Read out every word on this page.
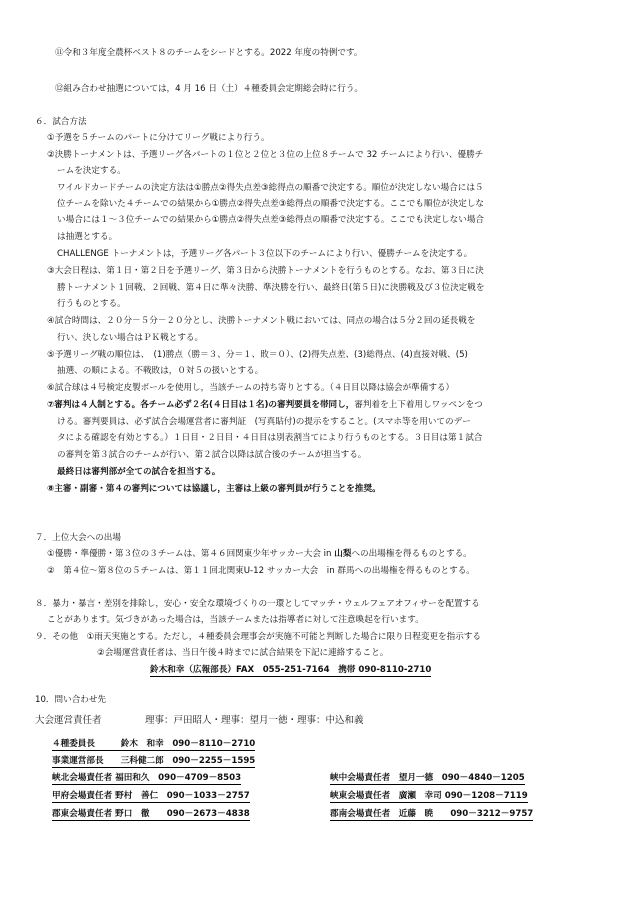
⑪令和３年度全農杯ベスト８のチームをシードとする。2022 年度の特例です。
⑫組み合わせ抽選については，4 月 16 日（土）４種委員会定期総会時に行う。
６．試合方法
①予選を５チームのパートに分けてリーグ戦により行う。
②決勝トーナメントは、予選リーグ各パートの１位と２位と３位の上位８チームで 32 チームにより行い、優勝チ
ームを決定する。
ワイルドカードチームの決定方法は①勝点②得失点差③総得点の順番で決定する。順位が決定しない場合には５
位チームを除いた４チームでの結果から①勝点②得失点差③総得点の順番で決定する。ここでも順位が決定しな
い場合には１～３位チームでの結果から①勝点②得失点差③総得点の順番で決定する。ここでも決定しない場合
は抽選とする。
CHALLENGE トーナメントは，予選リーグ各パート３位以下のチームにより行い、優勝チームを決定する。
③大会日程は、第１日・第２日を予選リーグ、第３日から決勝トーナメントを行うものとする。なお、第３日に決
勝トーナメント１回戦、２回戦、第４日に準々決勝、準決勝を行い、最終日(第５日)に決勝戦及び３位決定戦を
行うものとする。
④試合時間は、２０分－５分－２０分とし、決勝トーナメント戦においては、同点の場合は５分２回の延長戦を
行い、決しない場合はＰＫ戦とする。
⑤予選リーグ戦の順位は、　(1)勝点（勝＝３、分＝１、敗＝０）、(2)得失点差、(3)総得点、(4)直接対戦、(5)
抽選、の順による。不戦敗は，０対５の扱いとする。
⑥試合球は４号検定皮製ボールを使用し，当該チームの持ち寄りとする。（４日目以降は協会が準備する）
⑦審判は４人制とする。各チーム必ず２名(４日目は１名)の審判要員を帯同し，審判着を上下着用しワッペンをつ
ける。審判要員は、必ず試合会場運営者に審判証　(写真貼付)の提示をすること。(スマホ等を用いてのデー
タによる確認を有効とする。）１日目・２日目・４日目は別表割当てにより行うものとする。３日目は第１試合
の審判を第３試合のチームが行い、第２試合以降は試合後のチームが担当する。
最終日は審判部が全ての試合を担当する。
⑧主審・副審・第４の審判については協議し，主審は上級の審判員が行うことを推奨。
７．上位大会への出場
①優勝・準優勝・第３位の３チームは、第４６回関東少年サッカー大会 in 山梨への出場権を得るものとする。
②　第４位～第８位の５チームは、第１１回北関東U-12 サッカー大会　in 群馬への出場権を得るものとする。
８．暴力・暴言・差別を排除し，安心・安全な環境づくりの一環としてマッチ・ウェルフェアオフィサーを配置する
ことがあります。気づきがあった場合は，当該チームまたは指導者に対して注意喚起を行います。
９．その他　①雨天実施とする。ただし，４種委員会理事会が実施不可能と判断した場合に限り日程変更を指示する
②会場運営責任者は、当日午後４時までに試合結果を下記に連絡すること。
鈴木和幸（広報部長）FAX　055-251-7164　携帯 090-8110-2710
10．問い合わせ先
大会運営責任者	理事：戸田昭人・理事：望月一徳・理事：中込和義
４種委員長　　　鈴木　和幸　090－8110－2710
事業運営部長　　三科健二郎　090－2255－1595
峡北会場責任者 福田和久　090－4709－8503	峡中会場責任者　望月一德　090－4840－1205
甲府会場責任者 野村　善仁　090－1033－2757	峡東会場責任者　廣瀬　幸司 090－1208－7119
郡東会場責任者 野口　徹　　090－2673－4838	郡南会場責任者　近藤　暁　　090－3212－9757
